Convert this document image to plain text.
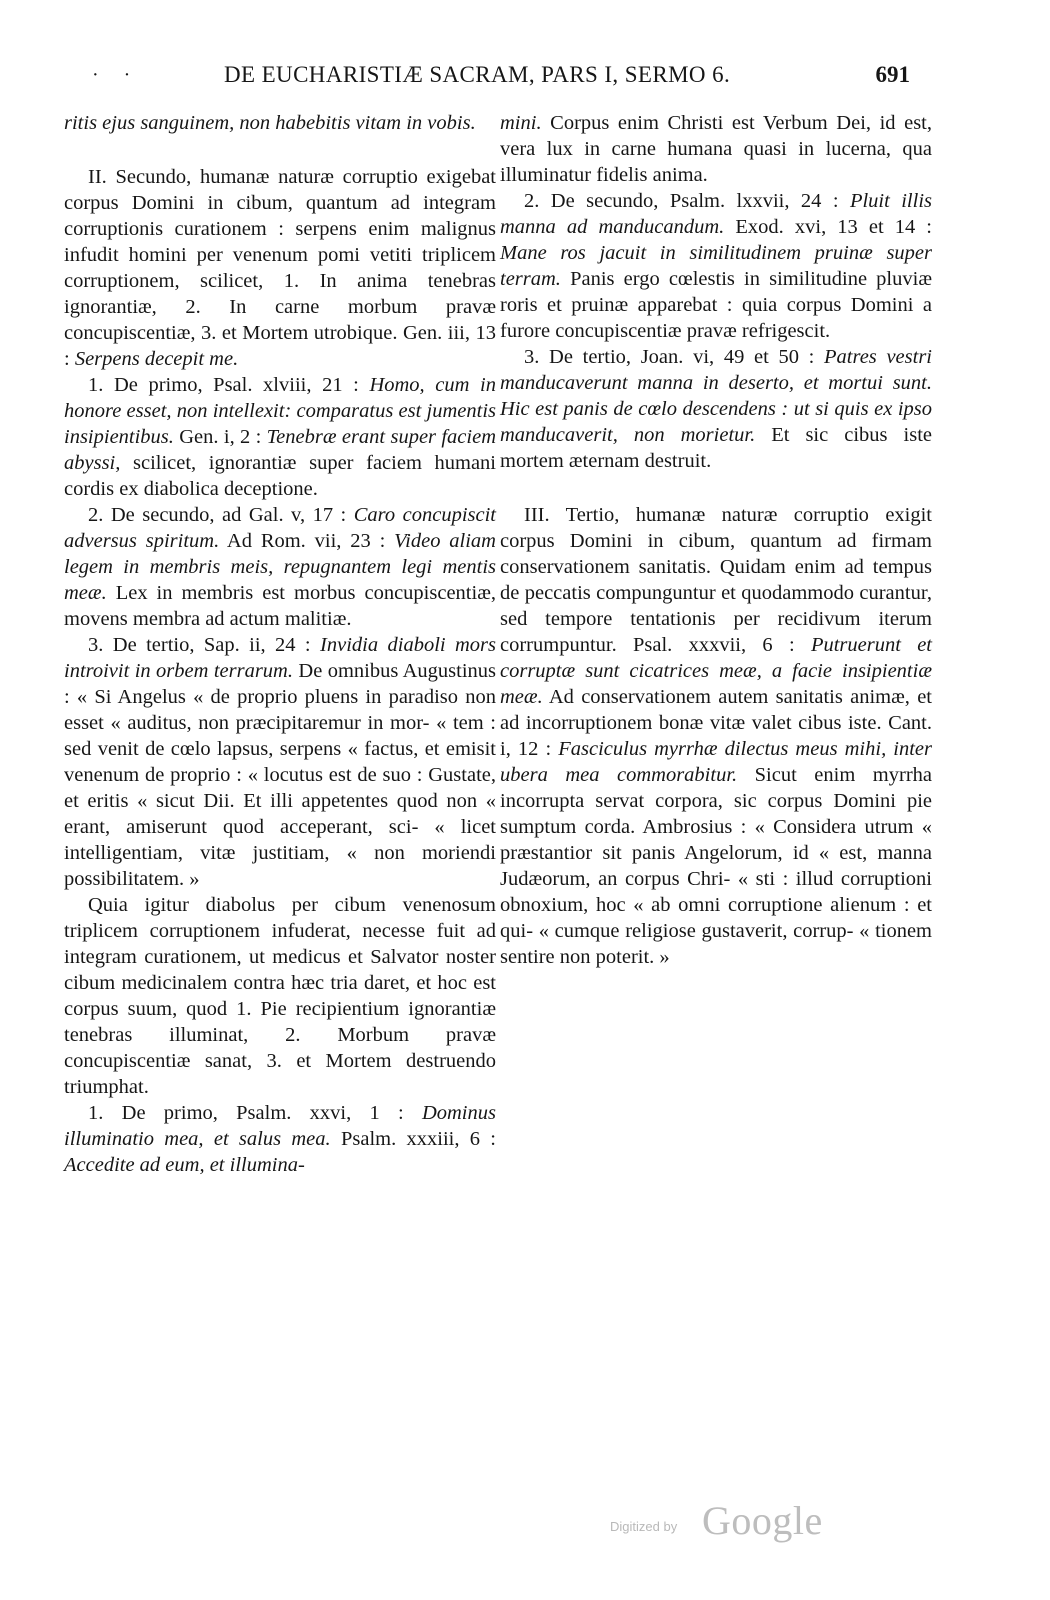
· ·	DE EUCHARISTIÆ SACRAM, PARS I, SERMO 6.	691

ritis ejus sanguinem, non habebitis vitam in vobis.

II. Secundo, humanæ naturæ corruptio exigebat corpus Domini in cibum, quantum ad integram corruptionis curationem : serpens enim malignus infudit homini per venenum pomi vetiti triplicem corruptionem, scilicet, 1. In anima tenebras ignorantiæ, 2. In carne morbum pravæ concupiscentiæ, 3. et Mortem utrobique. Gen. iii, 13 : Serpens decepit me.

1. De primo, Psal. xlviii, 21 : Homo, cum in honore esset, non intellexit: comparatus est jumentis insipientibus. Gen. i, 2 : Tenebræ erant super faciem abyssi, scilicet, ignorantiæ super faciem humani cordis ex diabolica deceptione.

2. De secundo, ad Gal. v, 17 : Caro concupiscit adversus spiritum. Ad Rom. vii, 23 : Video aliam legem in membris meis, repugnantem legi mentis meæ. Lex in membris est morbus concupiscentiæ, movens membra ad actum malitiæ.

3. De tertio, Sap. ii, 24 : Invidia diaboli mors introivit in orbem terrarum. De omnibus Augustinus : « Si Angelus « de proprio pluens in paradiso non esset « auditus, non præcipitaremur in mor- « tem : sed venit de cœlo lapsus, serpens « factus, et emisit venenum de proprio : « locutus est de suo : Gustate, et eritis « sicut Dii. Et illi appetentes quod non « erant, amiserunt quod acceperant, sci- « licet intelligentiam, vitæ justitiam, « non moriendi possibilitatem. »

Quia igitur diabolus per cibum venenosum triplicem corruptionem infuderat, necesse fuit ad integram curationem, ut medicus et Salvator noster cibum medicinalem contra hæc tria daret, et hoc est corpus suum, quod 1. Pie recipientium ignorantiæ tenebras illuminat, 2. Morbum pravæ concupiscentiæ sanat, 3. et Mortem destruendo triumphat.

1. De primo, Psalm. xxvi, 1 : Dominus illuminatio mea, et salus mea. Psalm. xxxiii, 6 : Accedite ad eum, et illumina-

mini. Corpus enim Christi est Verbum Dei, id est, vera lux in carne humana quasi in lucerna, qua illuminatur fidelis anima.

2. De secundo, Psalm. lxxvii, 24 : Pluit illis manna ad manducandum. Exod. xvi, 13 et 14 : Mane ros jacuit in similitudinem pruinæ super terram. Panis ergo cœlestis in similitudine pluviæ roris et pruinæ apparebat : quia corpus Domini a furore concupiscentiæ pravæ refrigescit.

3. De tertio, Joan. vi, 49 et 50 : Patres vestri manducaverunt manna in deserto, et mortui sunt. Hic est panis de cœlo descendens : ut si quis ex ipso manducaverit, non morietur. Et sic cibus iste mortem æternam destruit.

III. Tertio, humanæ naturæ corruptio exigit corpus Domini in cibum, quantum ad firmam conservationem sanitatis. Quidam enim ad tempus de peccatis compunguntur et quodammodo curantur, sed tempore tentationis per recidivum iterum corrumpuntur. Psal. xxxvii, 6 : Putruerunt et corruptæ sunt cicatrices meæ, a facie insipientiæ meæ. Ad conservationem autem sanitatis animæ, et ad incorruptionem bonæ vitæ valet cibus iste. Cant. i, 12 : Fasciculus myrrhæ dilectus meus mihi, inter ubera mea commorabitur. Sicut enim myrrha incorrupta servat corpora, sic corpus Domini pie sumptum corda. Ambrosius : « Considera utrum « præstantior sit panis Angelorum, id « est, manna Judæorum, an corpus Chri- « sti : illud corruptioni obnoxium, hoc « ab omni corruptione alienum : et qui- « cumque religiose gustaverit, corrup- « tionem sentire non poterit. »

Digitized by Google
